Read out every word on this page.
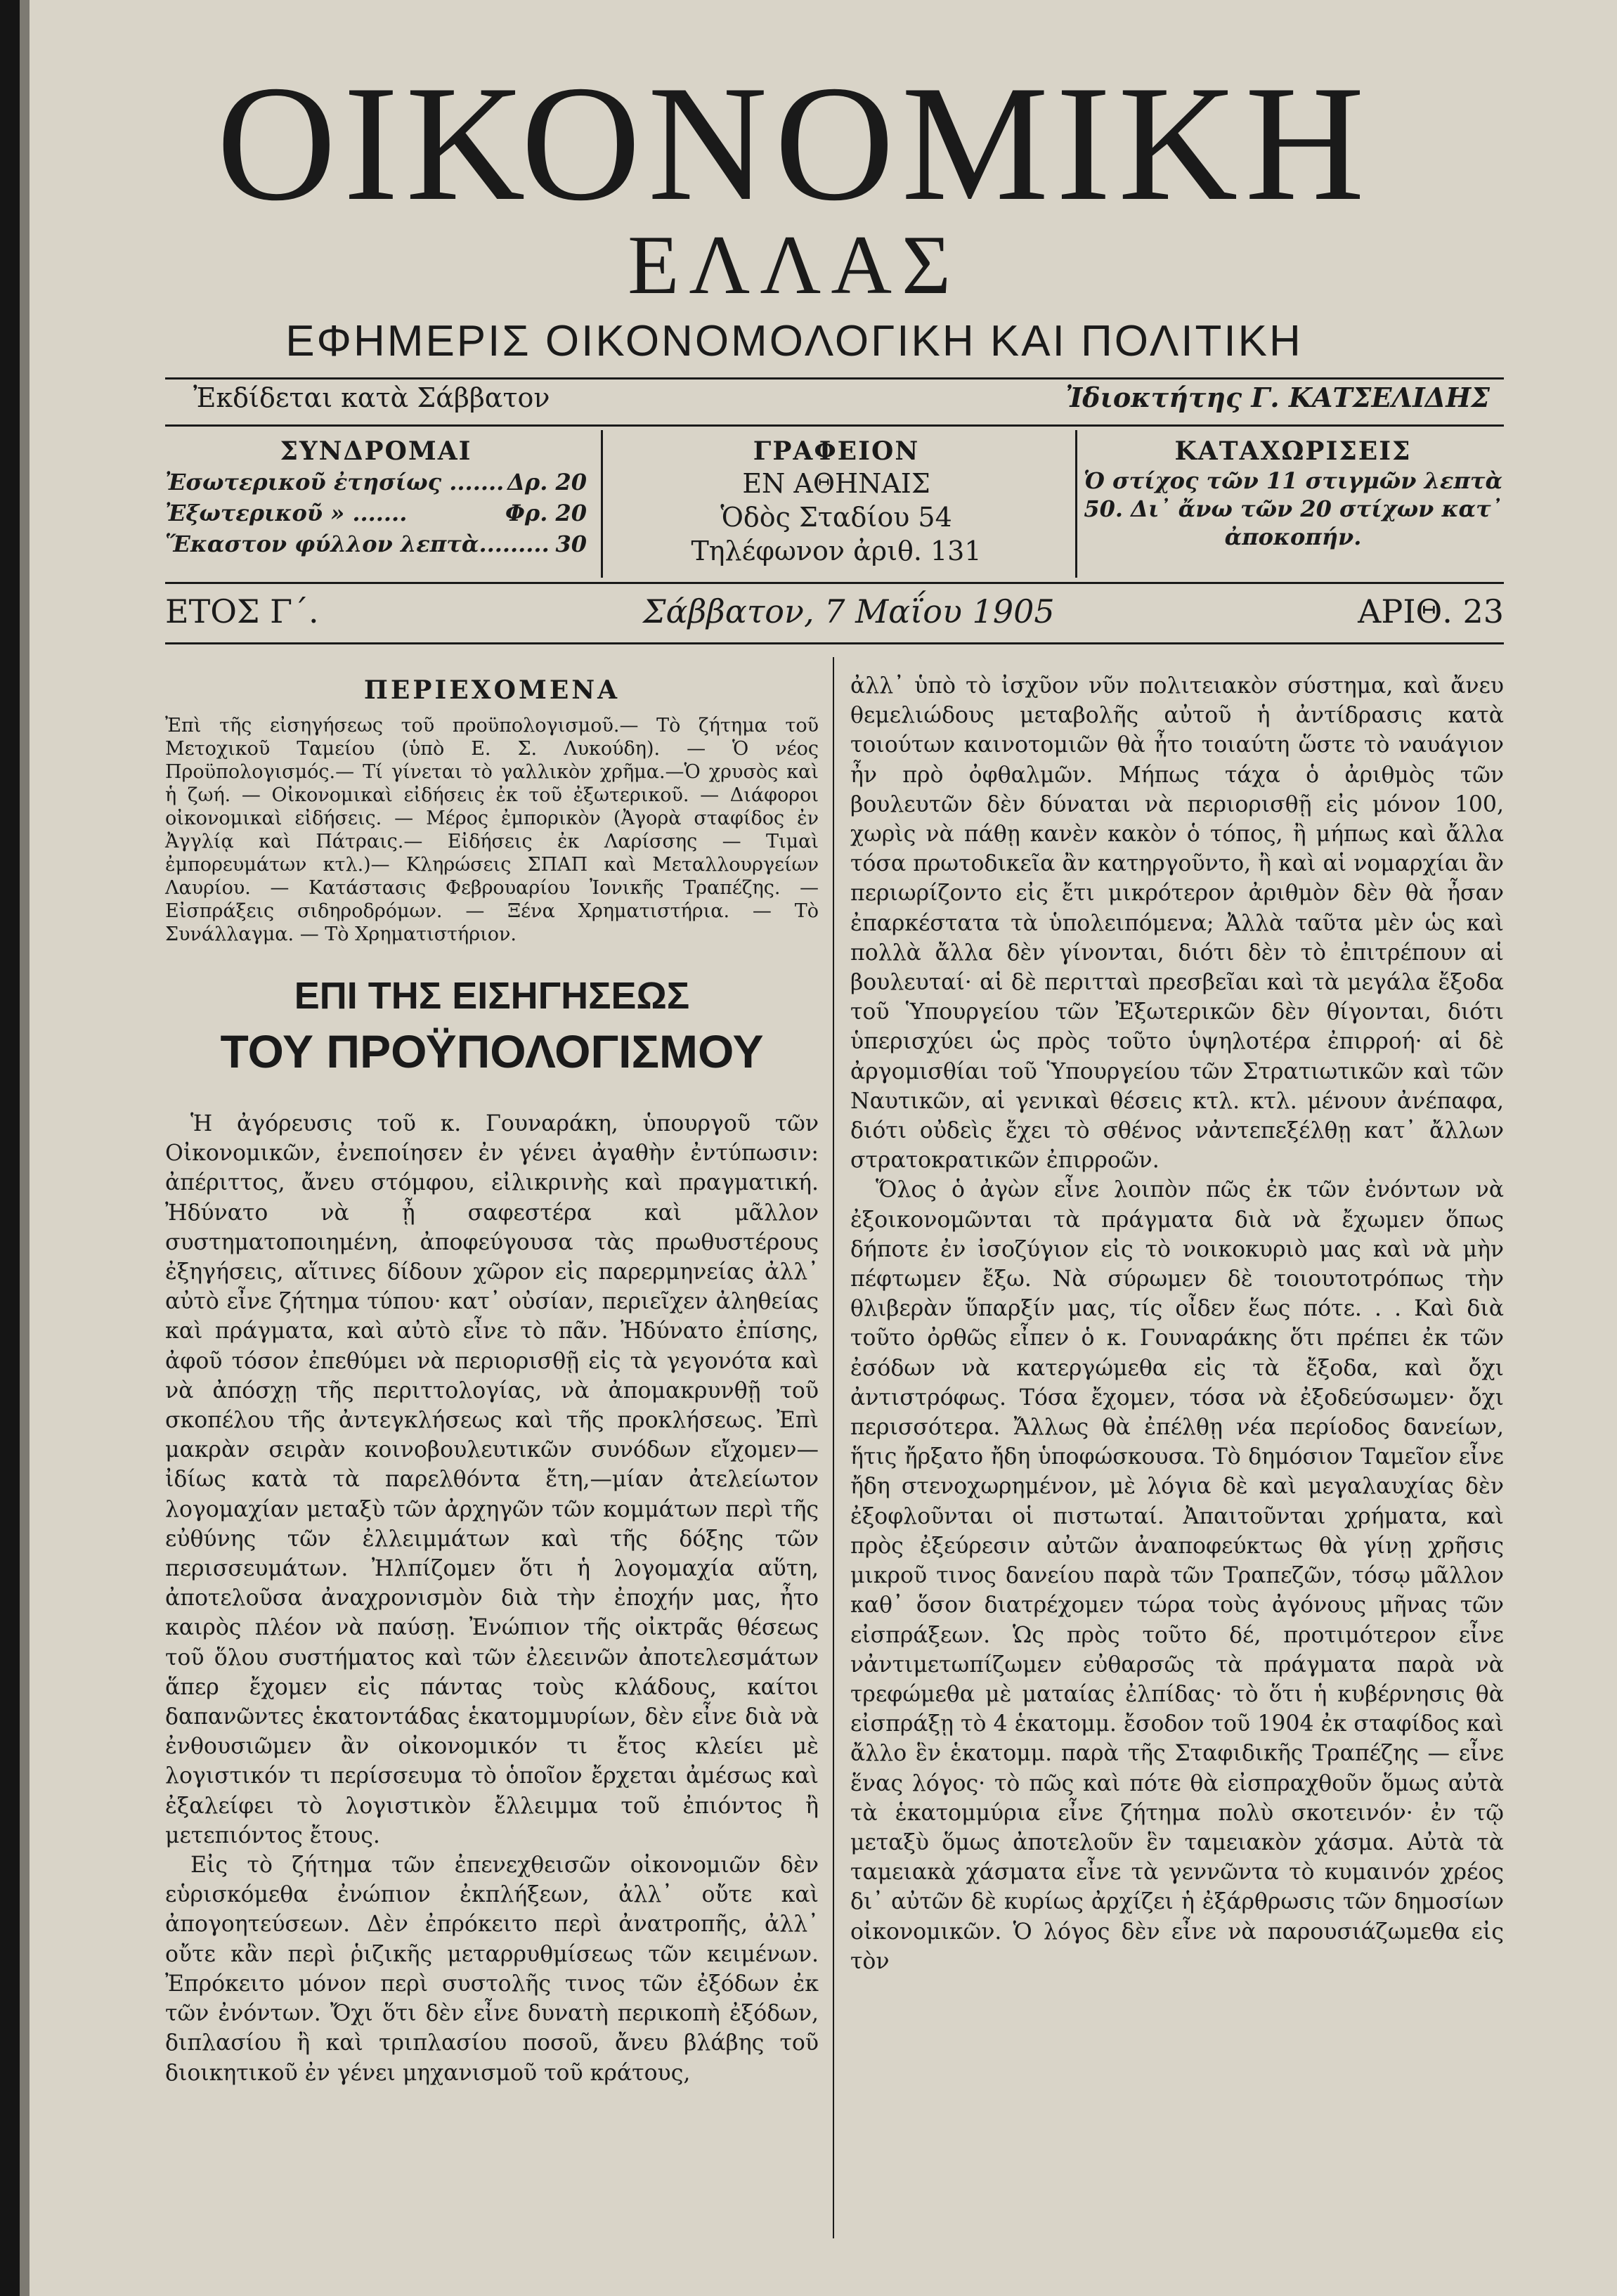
ΟΙΚΟΝΟΜΙΚΗ
ΕΛΛΑΣ
ΕΦΗΜΕΡΙΣ ΟΙΚΟΝΟΜΟΛΟΓΙΚΗ ΚΑΙ ΠΟΛΙΤΙΚΗ
Ἐκδίδεται κατὰ Σάββατον	Ἰδιοκτήτης Γ. ΚΑΤΣΕΛΙΔΗΣ
ΣΥΝΔΡΟΜΑΙ
Ἐσωτερικοῦ ἐτησίως ....... Δρ. 20
Ἐξωτερικοῦ » .......	Φρ. 20
Ἕκαστον φύλλον λεπτὰ......... 30
ΓΡΑΦΕΙΟΝ
ΕΝ ΑΘΗΝΑΙΣ
Ὁδὸς Σταδίου 54
Τηλέφωνον ἀριθ. 131
ΚΑΤΑΧΩΡΙΣΕΙΣ
Ὁ στίχος τῶν 11 στιγμῶν λεπτὰ 50. Δι᾽ ἄνω τῶν 20 στίχων κατ᾽ ἀποκοπήν.
ΕΤΟΣ Γ΄.	Σάββατον, 7 Μαΐου 1905	ΑΡΙΘ. 23
ΠΕΡΙΕΧΟΜΕΝΑ

Ἐπὶ τῆς εἰσηγήσεως τοῦ προϋπολογισμοῦ.— Τὸ ζήτημα τοῦ Μετοχικοῦ Ταμείου (ὑπὸ Ε. Σ. Λυκούδη). — Ὁ νέος Προϋπολογισμός.— Τί γίνεται τὸ γαλλικὸν χρῆμα.—Ὁ χρυσὸς καὶ ἡ ζωή. — Οἰκονομικαὶ εἰδήσεις ἐκ τοῦ ἐξωτερικοῦ. — Διάφοροι οἰκονομικαὶ εἰδήσεις. — Μέρος ἐμπορικὸν (Ἀγορὰ σταφίδος ἐν Ἀγγλίᾳ καὶ Πάτραις.— Εἰδήσεις ἐκ Λαρίσσης — Τιμαὶ ἐμπορευμάτων κτλ.)— Κληρώσεις ΣΠΑΠ καὶ Μεταλλουργείων Λαυρίου. — Κατάστασις Φεβρουαρίου Ἰονικῆς Τραπέζης. — Εἰσπράξεις σιδηροδρόμων. — Ξένα Χρηματιστήρια. — Τὸ Συνάλλαγμα. — Τὸ Χρηματιστήριον.

ΕΠΙ ΤΗΣ ΕΙΣΗΓΗΣΕΩΣ
ΤΟΥ ΠΡΟΫΠΟΛΟΓΙΣΜΟΥ

Ἡ ἀγόρευσις τοῦ κ. Γουναράκη, ὑπουργοῦ τῶν Οἰκονομικῶν, ἐνεποίησεν ἐν γένει ἀγαθὴν ἐντύπωσιν: ἀπέριττος, ἄνευ στόμφου, εἰλικρινὴς καὶ πραγματική. Ἠδύνατο νὰ ᾖ σαφεστέρα καὶ μᾶλλον συστηματοποιημένη, ἀποφεύγουσα τὰς πρωθυστέρους ἐξηγήσεις, αἵτινες δίδουν χῶρον εἰς παρερμηνείας ἀλλ᾽ αὐτὸ εἶνε ζήτημα τύπου· κατ᾽ οὐσίαν, περιεῖχεν ἀληθείας καὶ πράγματα, καὶ αὐτὸ εἶνε τὸ πᾶν. Ἠδύνατο ἐπίσης, ἀφοῦ τόσον ἐπεθύμει νὰ περιορισθῇ εἰς τὰ γεγονότα καὶ νὰ ἀπόσχῃ τῆς περιττολογίας, νὰ ἀπομακρυνθῇ τοῦ σκοπέλου τῆς ἀντεγκλήσεως καὶ τῆς προκλήσεως. Ἐπὶ μακρὰν σειρὰν κοινοβουλευτικῶν συνόδων εἴχομεν—ἰδίως κατὰ τὰ παρελθόντα ἔτη,—μίαν ἀτελείωτον λογομαχίαν μεταξὺ τῶν ἀρχηγῶν τῶν κομμάτων περὶ τῆς εὐθύνης τῶν ἐλλειμμάτων καὶ τῆς δόξης τῶν περισσευμάτων. Ἠλπίζομεν ὅτι ἡ λογομαχία αὕτη, ἀποτελοῦσα ἀναχρονισμὸν διὰ τὴν ἐποχήν μας, ἦτο καιρὸς πλέον νὰ παύσῃ. Ἐνώπιον τῆς οἰκτρᾶς θέσεως τοῦ ὅλου συστήματος καὶ τῶν ἐλεεινῶν ἀποτελεσμάτων ἅπερ ἔχομεν εἰς πάντας τοὺς κλάδους, καίτοι δαπανῶντες ἑκατοντάδας ἑκατομμυρίων, δὲν εἶνε διὰ νὰ ἐνθουσιῶμεν ἂν οἰκονομικόν τι ἔτος κλείει μὲ λογιστικόν τι περίσσευμα τὸ ὁποῖον ἔρχεται ἀμέσως καὶ ἐξαλείφει τὸ λογιστικὸν ἔλλειμμα τοῦ ἐπιόντος ἢ μετεπιόντος ἔτους.

Εἰς τὸ ζήτημα τῶν ἐπενεχθεισῶν οἰκονομιῶν δὲν εὑρισκόμεθα ἐνώπιον ἐκπλήξεων, ἀλλ᾽ οὔτε καὶ ἀπογοητεύσεων. Δὲν ἐπρόκειτο περὶ ἀνατροπῆς, ἀλλ᾽ οὔτε κἂν περὶ ῥιζικῆς μεταρρυθμίσεως τῶν κειμένων. Ἐπρόκειτο μόνον περὶ συστολῆς τινος τῶν ἐξόδων ἐκ τῶν ἐνόντων. Ὄχι ὅτι δὲν εἶνε δυνατὴ περικοπὴ ἐξόδων, διπλασίου ἢ καὶ τριπλασίου ποσοῦ, ἄνευ βλάβης τοῦ διοικητικοῦ ἐν γένει μηχανισμοῦ τοῦ κράτους,

ἀλλ᾽ ὑπὸ τὸ ἰσχῦον νῦν πολιτειακὸν σύστημα, καὶ ἄνευ θεμελιώδους μεταβολῆς αὐτοῦ ἡ ἀντίδρασις κατὰ τοιούτων καινοτομιῶν θὰ ἦτο τοιαύτη ὥστε τὸ ναυάγιον ἦν πρὸ ὀφθαλμῶν. Μήπως τάχα ὁ ἀριθμὸς τῶν βουλευτῶν δὲν δύναται νὰ περιορισθῇ εἰς μόνον 100, χωρὶς νὰ πάθῃ κανὲν κακὸν ὁ τόπος, ἢ μήπως καὶ ἄλλα τόσα πρωτοδικεῖα ἂν κατηργοῦντο, ἢ καὶ αἱ νομαρχίαι ἂν περιωρίζοντο εἰς ἔτι μικρότερον ἀριθμὸν δὲν θὰ ἦσαν ἐπαρκέστατα τὰ ὑπολειπόμενα; Ἀλλὰ ταῦτα μὲν ὡς καὶ πολλὰ ἄλλα δὲν γίνονται, διότι δὲν τὸ ἐπιτρέπουν αἱ βουλευταί· αἱ δὲ περιτταὶ πρεσβεῖαι καὶ τὰ μεγάλα ἔξοδα τοῦ Ὑπουργείου τῶν Ἐξωτερικῶν δὲν θίγονται, διότι ὑπερισχύει ὡς πρὸς τοῦτο ὑψηλοτέρα ἐπιρροή· αἱ δὲ ἀργομισθίαι τοῦ Ὑπουργείου τῶν Στρατιωτικῶν καὶ τῶν Ναυτικῶν, αἱ γενικαὶ θέσεις κτλ. κτλ. μένουν ἀνέπαφα, διότι οὐδεὶς ἔχει τὸ σθένος νἀντεπεξέλθῃ κατ᾽ ἄλλων στρατοκρατικῶν ἐπιρροῶν.

Ὅλος ὁ ἀγὼν εἶνε λοιπὸν πῶς ἐκ τῶν ἐνόντων νὰ ἐξοικονομῶνται τὰ πράγματα διὰ νὰ ἔχωμεν ὅπως δήποτε ἐν ἰσοζύγιον εἰς τὸ νοικοκυριὸ μας καὶ νὰ μὴν πέφτωμεν ἔξω. Νὰ σύρωμεν δὲ τοιουτοτρόπως τὴν θλιβερὰν ὕπαρξίν μας, τίς οἶδεν ἕως πότε. . . Καὶ διὰ τοῦτο ὀρθῶς εἶπεν ὁ κ. Γουναράκης ὅτι πρέπει ἐκ τῶν ἐσόδων νὰ κατεργώμεθα εἰς τὰ ἔξοδα, καὶ ὄχι ἀντιστρόφως. Τόσα ἔχομεν, τόσα νὰ ἐξοδεύσωμεν· ὄχι περισσότερα. Ἄλλως θὰ ἐπέλθῃ νέα περίοδος δανείων, ἥτις ἤρξατο ἤδη ὑποφώσκουσα. Τὸ δημόσιον Ταμεῖον εἶνε ἤδη στενοχωρημένον, μὲ λόγια δὲ καὶ μεγαλαυχίας δὲν ἐξοφλοῦνται οἱ πιστωταί. Ἀπαιτοῦνται χρήματα, καὶ πρὸς ἐξεύρεσιν αὐτῶν ἀναποφεύκτως θὰ γίνῃ χρῆσις μικροῦ τινος δανείου παρὰ τῶν Τραπεζῶν, τόσῳ μᾶλλον καθ᾽ ὅσον διατρέχομεν τώρα τοὺς ἀγόνους μῆνας τῶν εἰσπράξεων. Ὡς πρὸς τοῦτο δέ, προτιμότερον εἶνε νἀντιμετωπίζωμεν εὐθαρσῶς τὰ πράγματα παρὰ νὰ τρεφώμεθα μὲ ματαίας ἐλπίδας· τὸ ὅτι ἡ κυβέρνησις θὰ εἰσπράξῃ τὸ 4 ἑκατομμ. ἔσοδον τοῦ 1904 ἐκ σταφίδος καὶ ἄλλο ἓν ἑκατομμ. παρὰ τῆς Σταφιδικῆς Τραπέζης — εἶνε ἕνας λόγος· τὸ πῶς καὶ πότε θὰ εἰσπραχθοῦν ὅμως αὐτὰ τὰ ἑκατομμύρια εἶνε ζήτημα πολὺ σκοτεινόν· ἐν τῷ μεταξὺ ὅμως ἀποτελοῦν ἓν ταμειακὸν χάσμα. Αὐτὰ τὰ ταμειακὰ χάσματα εἶνε τὰ γεννῶντα τὸ κυμαινόν χρέος δι᾽ αὐτῶν δὲ κυρίως ἀρχίζει ἡ ἐξάρθρωσις τῶν δημοσίων οἰκονομικῶν. Ὁ λόγος δὲν εἶνε νὰ παρουσιάζωμεθα εἰς τὸν
